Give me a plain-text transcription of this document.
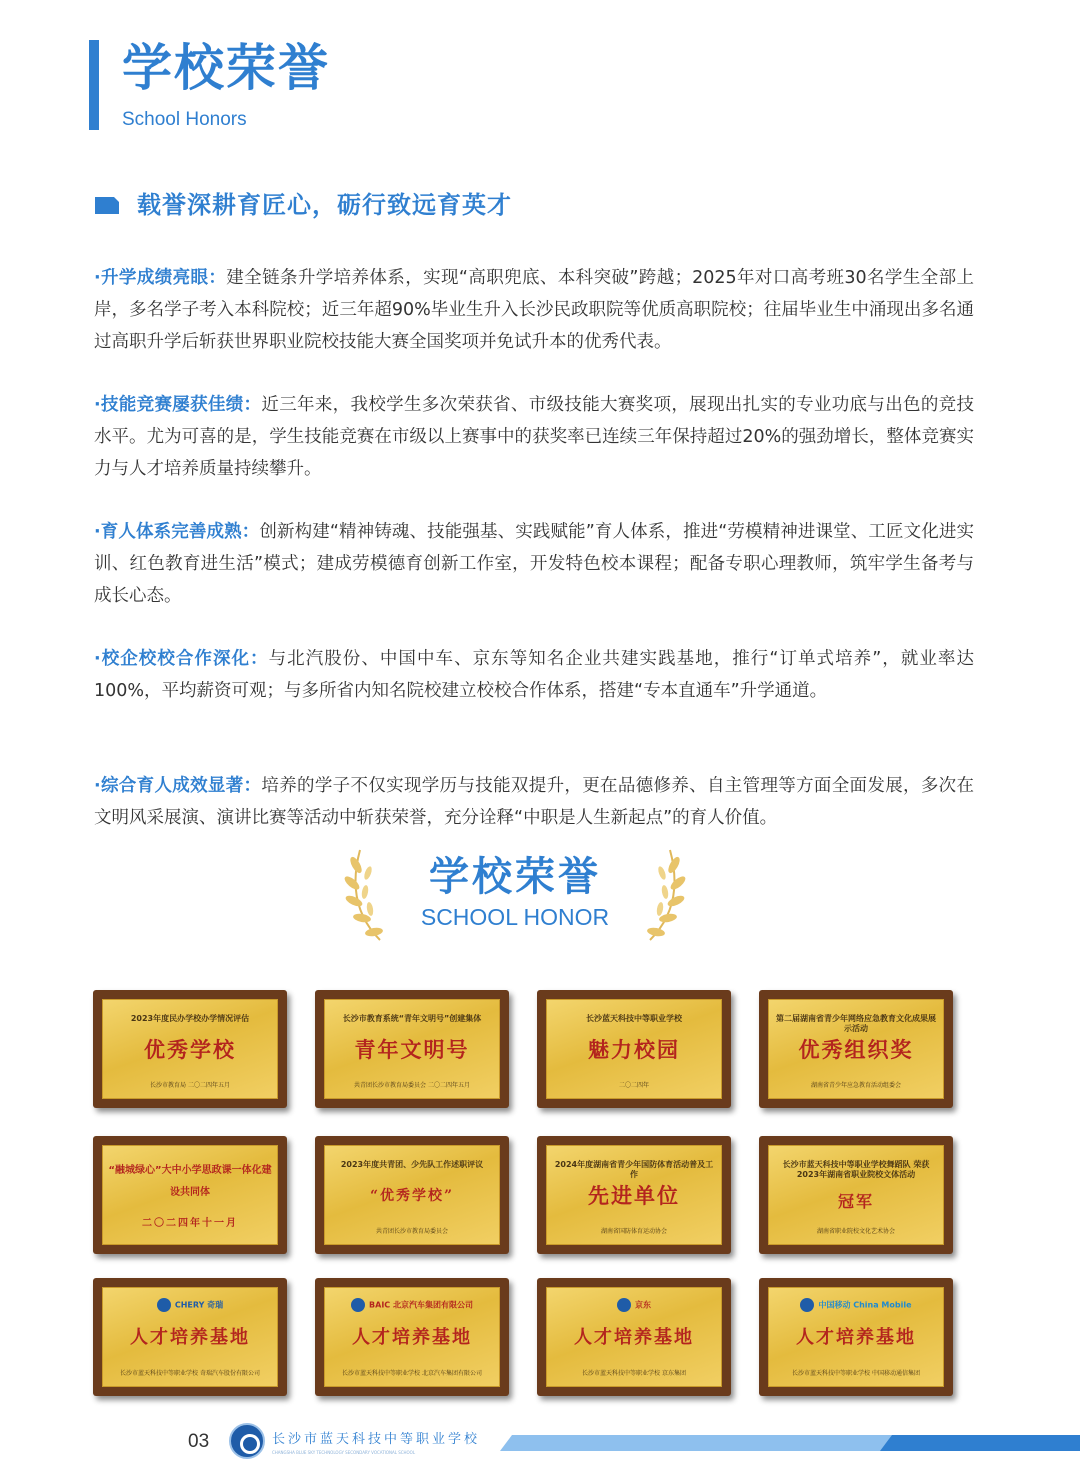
学校荣誉
School Honors
载誉深耕育匠心，砺行致远育英才

·升学成绩亮眼：建全链条升学培养体系，实现“高职兜底、本科突破”跨越；2025年对口高考班30名学生全部上岸，多名学子考入本科院校；近三年超90%毕业生升入长沙民政职院等优质高职院校；往届毕业生中涌现出多名通过高职升学后斩获世界职业院校技能大赛全国奖项并免试升本的优秀代表。

·技能竞赛屡获佳绩：近三年来，我校学生多次荣获省、市级技能大赛奖项，展现出扎实的专业功底与出色的竞技水平。尤为可喜的是，学生技能竞赛在市级以上赛事中的获奖率已连续三年保持超过20%的强劲增长，整体竞赛实力与人才培养质量持续攀升。

·育人体系完善成熟：创新构建“精神铸魂、技能强基、实践赋能”育人体系，推进“劳模精神进课堂、工匠文化进实训、红色教育进生活”模式；建成劳模德育创新工作室，开发特色校本课程；配备专职心理教师，筑牢学生备考与成长心态。

·校企校校合作深化：与北汽股份、中国中车、京东等知名企业共建实践基地，推行“订单式培养”，就业率达100%，平均薪资可观；与多所省内知名院校建立校校合作体系，搭建“专本直通车”升学通道。

·综合育人成效显著：培养的学子不仅实现学历与技能双提升，更在品德修养、自主管理等方面全面发展，多次在文明风采展演、演讲比赛等活动中斩获荣誉，充分诠释“中职是人生新起点”的育人价值。

学校荣誉
SCHOOL HONOR
2023年度民办学校办学情况评估
优秀学校
长沙市教育局 二〇二四年五月
长沙市教育系统“青年文明号”创建集体
青年文明号
共青团长沙市教育局委员会 二〇二四年五月
长沙蓝天科技中等职业学校
魅力校园
二〇二四年
第二届湖南省青少年网络应急教育文化成果展示活动
优秀组织奖
湖南省青少年应急教育活动组委会
“融城绿心”大中小学思政课一体化建设共同体
二〇二四年十一月
2023年度共青团、少先队工作述职评议
“优秀学校”
共青团长沙市教育局委员会
2024年度湖南省青少年国防体育活动普及工作
先进单位
湖南省国防体育运动协会
长沙市蓝天科技中等职业学校舞蹈队 荣获2023年湖南省职业院校文体活动
冠军
湖南省职业院校文化艺术协会
CHERY 奇瑞
人才培养基地
长沙市蓝天科技中等职业学校 奇瑞汽车股份有限公司
BAIC 北京汽车集团有限公司
人才培养基地
长沙市蓝天科技中等职业学校 北京汽车集团有限公司
京东
人才培养基地
长沙市蓝天科技中等职业学校 京东集团
中国移动 China Mobile
人才培养基地
长沙市蓝天科技中等职业学校 中国移动通信集团
03	长沙市蓝天科技中等职业学校
CHANGSHA BLUE SKY TECHNOLOGY SECONDARY VOCATIONAL SCHOOL
